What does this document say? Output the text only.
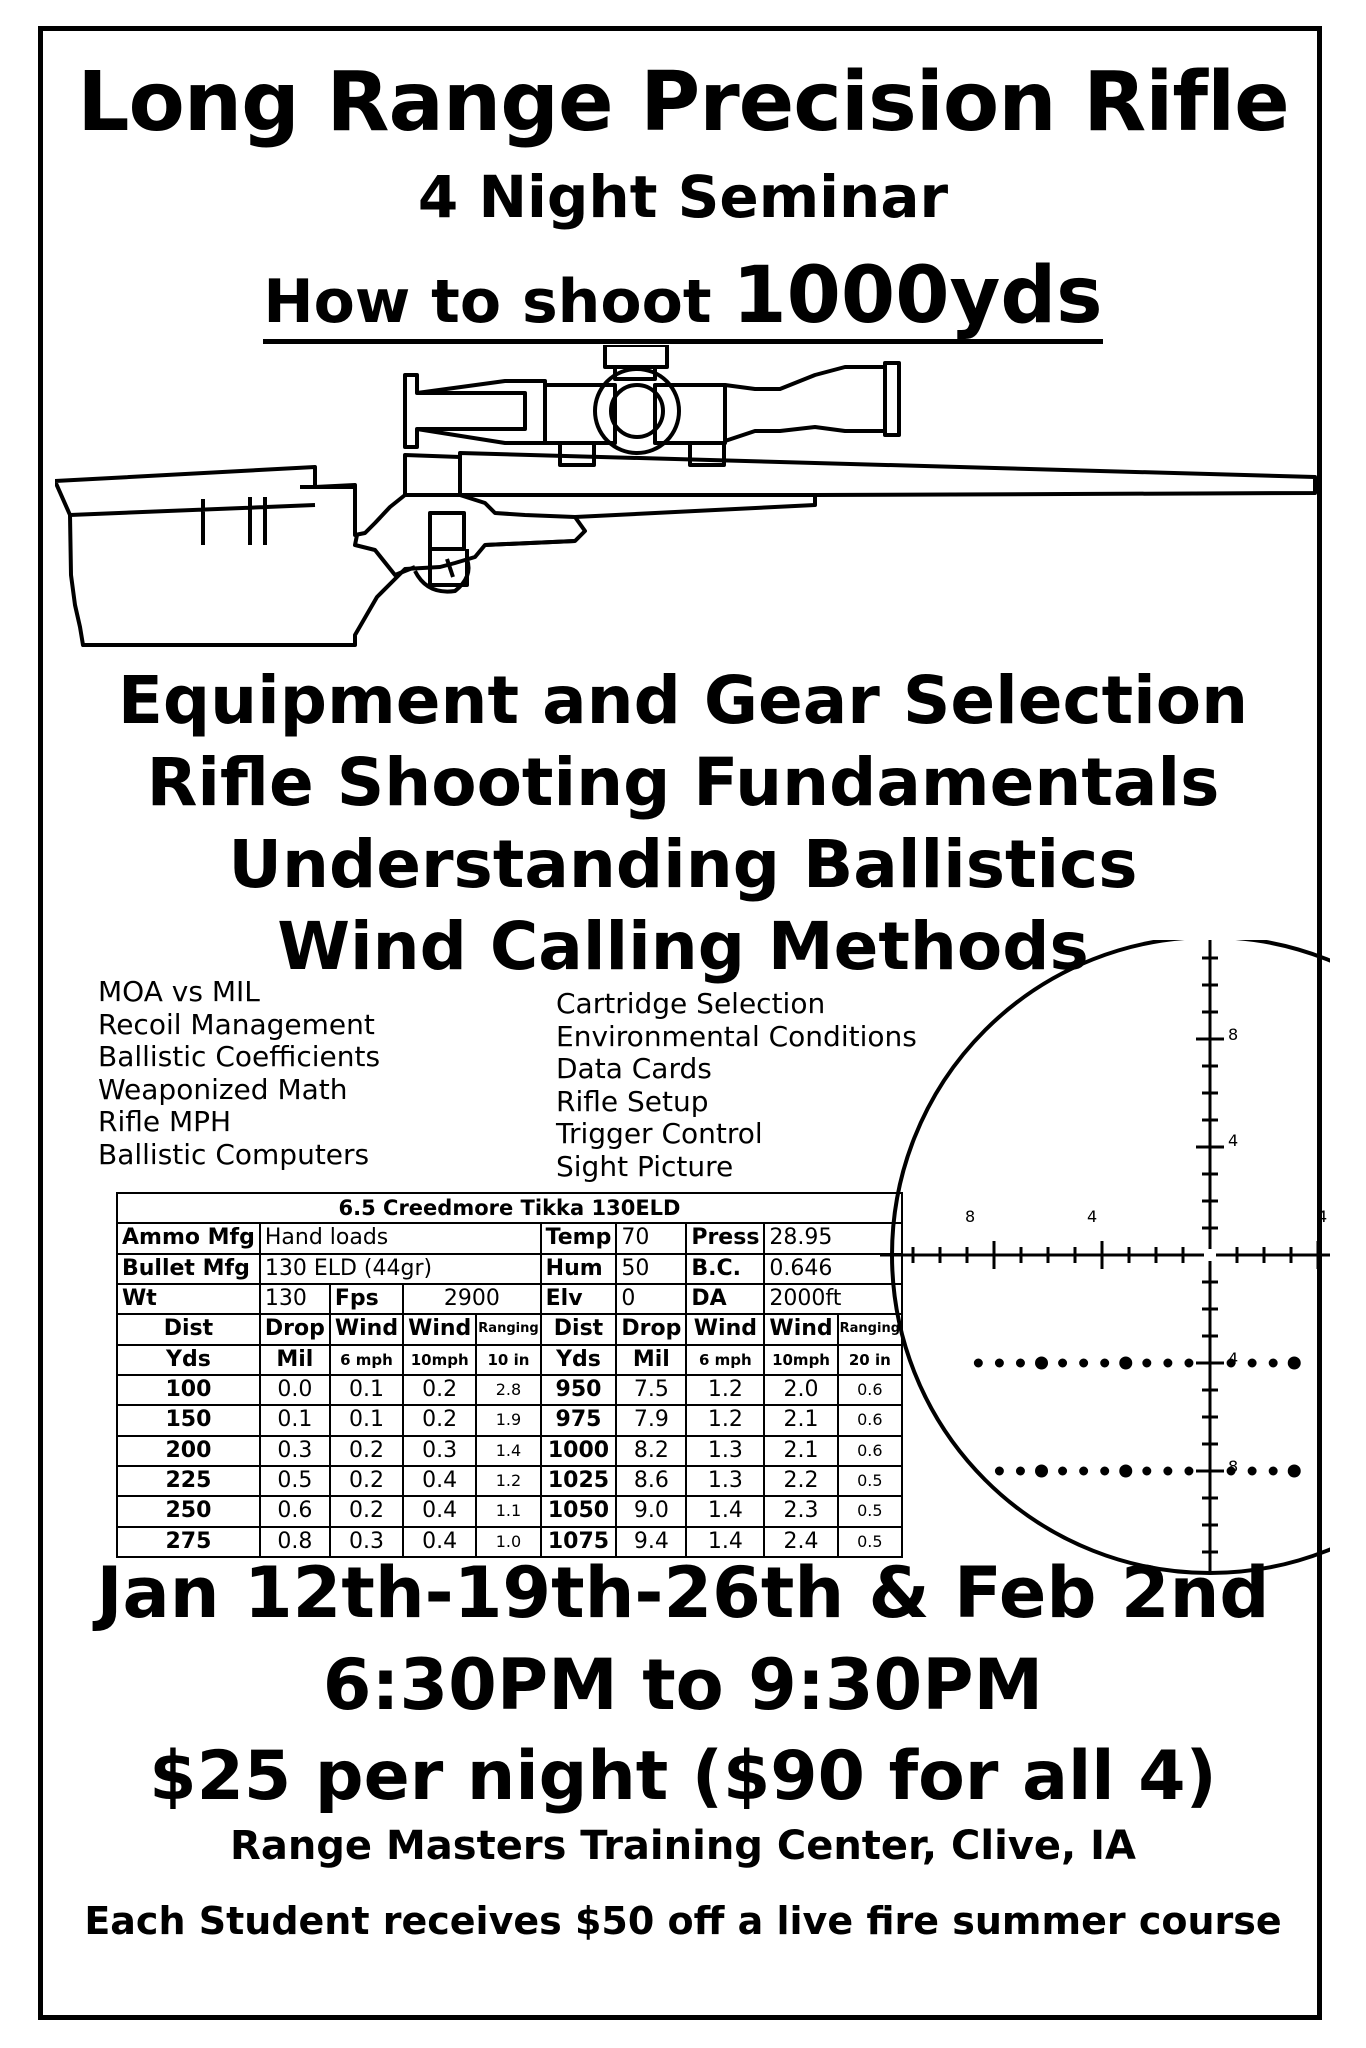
Long Range Precision Rifle
4 Night Seminar
How to shoot 1000yds
Equipment and Gear Selection
Rifle Shooting Fundamentals
Understanding Ballistics
Wind Calling Methods
MOA vs MIL
Recoil Management
Ballistic Coefficients
Weaponized Math
Rifle MPH
Ballistic Computers
Cartridge Selection
Environmental Conditions
Data Cards
Rifle Setup
Trigger Control
Sight Picture
8
4
4
8
8	4	4
6.5 Creedmore Tikka 130ELD									
Ammo Mfg	Hand loads				Temp	70	Press	28.95	
Bullet Mfg	130 ELD (44gr)				Hum	50	B.C.	0.646	
Wt	130	Fps	2900		Elv	0	DA	2000ft	
Dist	Drop	Wind	Wind	Ranging	Dist	Drop	Wind	Wind	Ranging
Yds	Mil	6 mph	10mph	10 in	Yds	Mil	6 mph	10mph	20 in
100	0.0	0.1	0.2	2.8	950	7.5	1.2	2.0	0.6
150	0.1	0.1	0.2	1.9	975	7.9	1.2	2.1	0.6
200	0.3	0.2	0.3	1.4	1000	8.2	1.3	2.1	0.6
225	0.5	0.2	0.4	1.2	1025	8.6	1.3	2.2	0.5
250	0.6	0.2	0.4	1.1	1050	9.0	1.4	2.3	0.5
275	0.8	0.3	0.4	1.0	1075	9.4	1.4	2.4	0.5
Jan 12th-19th-26th & Feb 2nd
6:30PM to 9:30PM
$25 per night ($90 for all 4)
Range Masters Training Center, Clive, IA
Each Student receives $50 off a live fire summer course
